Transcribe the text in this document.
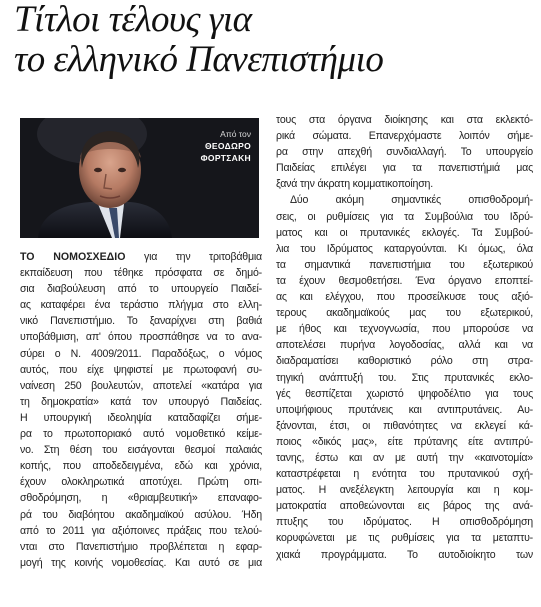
Τίτλοι τέλους για
το ελληνικό Πανεπιστήμιο
Από τον
ΘΕΟΔΩΡΟ
ΦΟΡΤΣΑΚΗ
ΤΟ ΝΟΜΟΣΧΕΔΙΟ για την τριτοβάθμια
εκπαίδευση που τέθηκε πρόσφατα σε δημό-
σια διαβούλευση από το υπουργείο Παιδεί-
ας καταφέρει ένα τεράστιο πλήγμα στο ελλη-
νικό Πανεπιστήμιο. Το ξαναρίχνει στη βαθιά
υποβάθμιση, απ' όπου προσπάθησε να το ανα-
σύρει ο Ν. 4009/2011. Παραδόξως, ο νόμος
αυτός, που είχε ψηφιστεί με πρωτοφανή συ-
ναίνεση 250 βουλευτών, αποτελεί «κατάρα για
τη δημοκρατία» κατά τον υπουργό Παιδείας.
Η υπουργική ιδεοληψία καταδαφίζει σήμε-
ρα το πρωτοποριακό αυτό νομοθετικό κείμε-
νο. Στη θέση του εισάγονται θεσμοί παλαιάς
κοπής, που αποδεδειγμένα, εδώ και χρόνια,
έχουν ολοκληρωτικά αποτύχει. Πρώτη οπι-
σθοδρόμηση, η «θριαμβευτική» επαναφο-
ρά του διαβόητου ακαδημαϊκού ασύλου. Ήδη
από το 2011 για αξιόποινες πράξεις που τελού-
νται στο Πανεπιστήμιο προβλέπεται η εφαρ-
μογή της κοινής νομοθεσίας. Και αυτό σε μια
τους στα όργανα διοίκησης και στα εκλεκτό-
ρικά σώματα. Επανερχόμαστε λοιπόν σήμε-
ρα στην απεχθή συνδιαλλαγή. Το υπουργείο
Παιδείας επιλέγει για τα πανεπιστήμιά μας
ξανά την άκρατη κομματικοποίηση.
Δύο ακόμη σημαντικές οπισθοδρομή-
σεις, οι ρυθμίσεις για τα Συμβούλια του Ιδρύ-
ματος και οι πρυτανικές εκλογές. Τα Συμβού-
λια του Ιδρύματος καταργούνται. Κι όμως, όλα
τα σημαντικά πανεπιστήμια του εξωτερικού
τα έχουν θεσμοθετήσει. Ένα όργανο εποπτεί-
ας και ελέγχου, που προσείλκυσε τους αξιό-
τερους ακαδημαϊκούς μας του εξωτερικού,
με ήθος και τεχνογνωσία, που μπορούσε να
αποτελέσει πυρήνα λογοδοσίας, αλλά και να
διαδραματίσει καθοριστικό ρόλο στη στρα-
τηγική ανάπτυξή του. Στις πρυτανικές εκλο-
γές θεσπίζεται χωριστό ψηφοδέλτιο για τους
υποψήφιους πρυτάνεις και αντιπρυτάνεις. Αυ-
ξάνονται, έτσι, οι πιθανότητες να εκλεγεί κά-
ποιος «δικός μας», είτε πρύτανης είτε αντιπρύ-
τανης, έστω και αν με αυτή την «καινοτομία»
καταστρέφεται η ενότητα του πρυτανικού σχή-
ματος. Η ανεξέλεγκτη λειτουργία και η κομ-
ματοκρατία αποθεώνονται εις βάρος της ανά-
πτυξης του ιδρύματος. Η οπισθοδρόμηση
κορυφώνεται με τις ρυθμίσεις για τα μεταπτυ-
χιακά προγράμματα. Το αυτοδιοίκητο των
